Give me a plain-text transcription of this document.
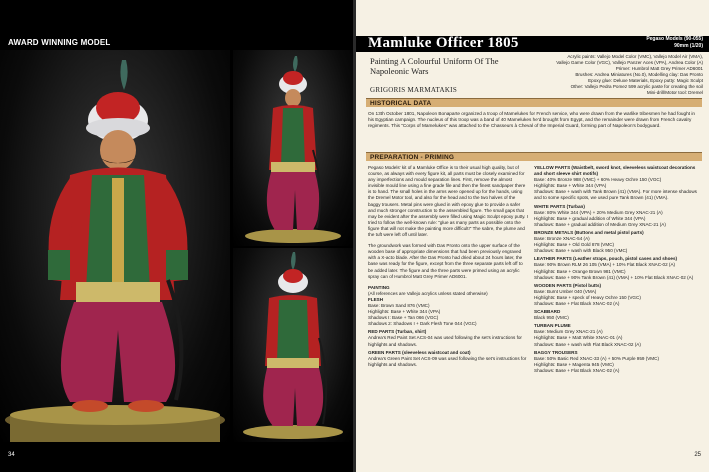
AWARD WINNING MODEL
34
Mamluke Officer 1805	Pegaso Models (90-055)
90mm (1/20)
Painting A Colourful Uniform Of The Napoleonic Wars
GRIGORIS MARMATAKIS
Acrylic paints: Vallejo Model Color (VMC), Vallejo Model Air (VMA),
Vallejo Game Color (VGC), Vallejo Panzer Aces (VPA), Andrea Color (A)
Primer: Humbrol Matt Grey Primer AD6001
Brushes: Andrea Miniatures (No.0), Modelling clay: Das Pronto
Epoxy glue: Deluxe Materials, Epoxy putty: Magic Sculpt
Other: Vallejo Pedra Pomez 599 acrylic paste for creating the soil
Mini-drill/Motor tool: Dremel
HISTORICAL DATA
On 13th October 1801, Napoleon Bonaparte organized a troop of Mamelukes for French service, who were drawn from the warlike tribesmen he had fought in his Egyptian campaign. The nucleus of this troop was a band of 40 Mamelukes he'd brought from Egypt, and the remainder were drawn from French cavalry regiments. This "Corps of Mamelukes" was attached to the Chasseurs à Cheval of the Imperial Guard, forming part of Napoleon's bodyguard.
PREPARATION - PRIMING

Pegaso Models' kit of a Mamluke Office is to their usual high quality, but of course, as always with every figure kit, all parts must be closely examined for any imperfections and mould separation lines. First, remove the almost invisible mould line using a fine grade file and then the finest sandpaper there is to hand. The small holes in the arms were opened up for the hands, using the Dremel Motor tool, and also for the head and to the two halves of the baggy trousers. Metal pins were glued in with epoxy glue to provide a safer and much stronger construction to the assembled figure. The small gaps that may be evident after the assembly were filled using Magic Sculpt epoxy putty. I tried to follow the well-known rule: "glue as many parts as possible onto the figure that will not make the painting more difficult!" The sabre, the plume and the tuft were left off until later.

The groundwork was formed with Das Pronto onto the upper surface of the wooden base of appropriate dimensions that had been previously engraved with a X-acto blade. After the Das Pronto had dried about 24 hours later, the base was ready for the figure, except from the three separate parts left off to be added later. The figure and the three parts were primed using an acrylic spray can of Humbrol Matt Grey Primer AD6001.

PAINTING
(All references are Vallejo acrylics unless stated otherwise)
FLESH
Base: Brown Sand 876 (VMC)
Highlights: Base + White 344 (VPA)
Shadows I: Base + Tan 066 (VGC)
Shadows 2: Shadows I + Dark Flesh Tone 044 (VGC)
RED PARTS (Turban, shirt)
Andrea's Red Paint Set ACS-04 was used following the set's instructions for highlights and shadows.
GREEN PARTS (sleeveless waistcoat and coat)
Andrea's Green Paint Set ACS-09 was used following the set's instructions for highlights and shadows.
YELLOW PARTS (Waistbelt, sword knot, sleeveless waistcoat decorations and short sleeve shirt motifs)
Base: 40% Bronze 988 (VMC) + 60% Heavy Ochre 150 (VGC)
Highlights: Base + White 344 (VPA)
Shadows: Base + wash with Tank Brown (41) (VMA). For more intense shadows and to some specific spots, we used pure Tank Brown (41) (VMA).
WHITE PARTS (Turban)
Base: 80% White 344 (VPA) + 20% Medium Grey XNAC-21 (A)
Highlights: Base + gradual addition of White 344 (VPA)
Shadows: Base + gradual addition of Medium Grey XNAC-21 (A)
BRONZE METALS (Buttons and metal pistol parts)
Base: Bronze XNAC-54 (A)
Highlights: Base + Old Gold 878 (VMC)
Shadows: Base + wash with Black 950 (VMC)
LEATHER PARTS (Leather straps, pouch, pistol cases and shoes)
Base: 90% Brown RLM 26 105 (VMA) + 10% Flat Black XNAC-02 (A)
Highlights: Base + Orange Brown 981 (VMC)
Shadows: Base + 90% Tank Brown (41) (VMA) + 10% Flat Black XNAC-02 (A)
WOODEN PARTS (Pistol butts)
Base: Burnt Umber 040 (VMA)
Highlights: Base + speck of Heavy Ochre 150 (VGC)
Shadows: Base + Flat Black XNAC-02 (A)
SCABBARD
Black 950 (VMC)
TURBAN PLUME
Base: Medium Grey XNAC-21 (A)
Highlights: Base + Matt White XNAC-01 (A)
Shadows: Base + wash with Flat Black XNAC-02 (A)
BAGGY TROUSERS
Base: 50% Basic Red XNAC-33 (A) + 50% Purple 959 (VMC)
Highlights: Base + Magenta 945 (VMC)
Shadows: Base + Flat Black XNAC-02 (A)
25
